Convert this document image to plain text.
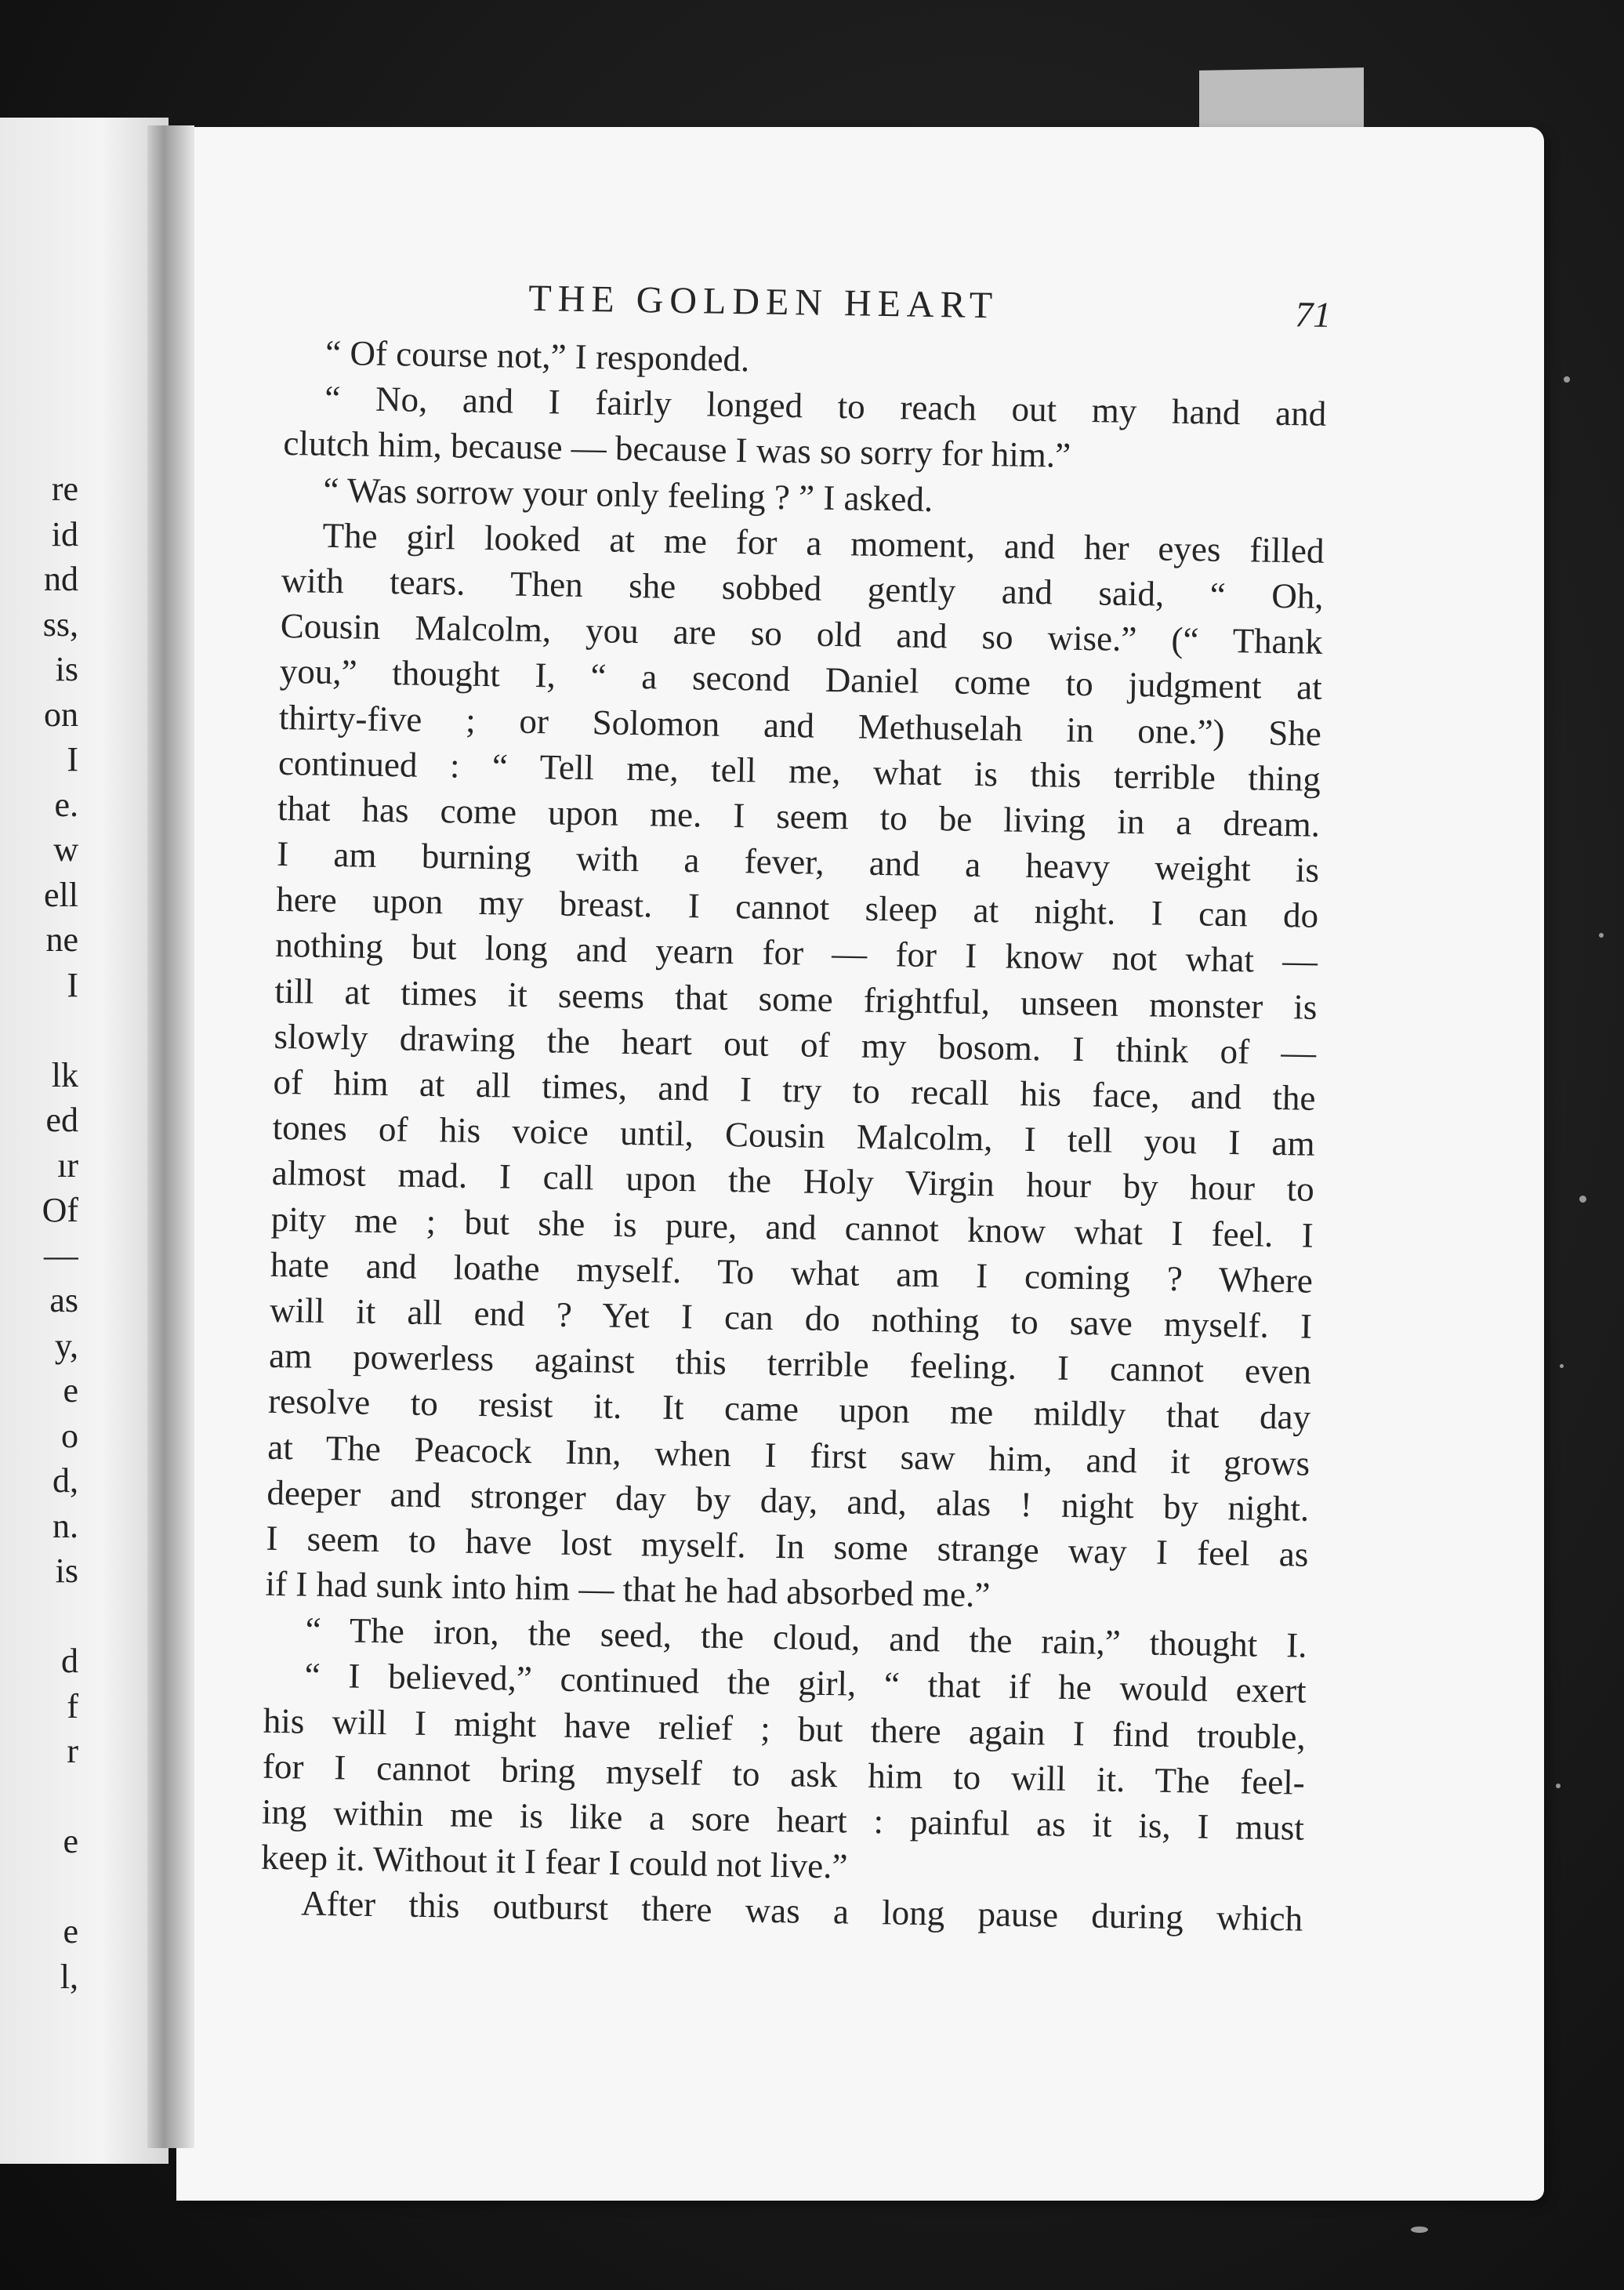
re
id
nd
ss,
is
on
I
e.
w
ell
ne
I
lk
ed
ır
Of
—
as
y,
e
o
d,
n.
is
d
f
r
e
e
l,
THE GOLDEN HEART	71
“ Of course not,” I responded.
“ No, and I fairly longed to reach out my hand and
clutch him, because — because I was so sorry for him.”
“ Was sorrow your only feeling ? ” I asked.
The girl looked at me for a moment, and her eyes filled
with tears. Then she sobbed gently and said, “ Oh,
Cousin Malcolm, you are so old and so wise.” (“ Thank
you,” thought I, “ a second Daniel come to judgment at
thirty-five ; or Solomon and Methuselah in one.”) She
continued : “ Tell me, tell me, what is this terrible thing
that has come upon me. I seem to be living in a dream.
I am burning with a fever, and a heavy weight is
here upon my breast. I cannot sleep at night. I can do
nothing but long and yearn for — for I know not what —
till at times it seems that some frightful, unseen monster is
slowly drawing the heart out of my bosom. I think of —
of him at all times, and I try to recall his face, and the
tones of his voice until, Cousin Malcolm, I tell you I am
almost mad. I call upon the Holy Virgin hour by hour to
pity me ; but she is pure, and cannot know what I feel. I
hate and loathe myself. To what am I coming ? Where
will it all end ? Yet I can do nothing to save myself. I
am powerless against this terrible feeling. I cannot even
resolve to resist it. It came upon me mildly that day
at The Peacock Inn, when I first saw him, and it grows
deeper and stronger day by day, and, alas ! night by night.
I seem to have lost myself. In some strange way I feel as
if I had sunk into him — that he had absorbed me.”
“ The iron, the seed, the cloud, and the rain,” thought I.
“ I believed,” continued the girl, “ that if he would exert
his will I might have relief ; but there again I find trouble,
for I cannot bring myself to ask him to will it. The feel-
ing within me is like a sore heart : painful as it is, I must
keep it. Without it I fear I could not live.”
After this outburst there was a long pause during which
